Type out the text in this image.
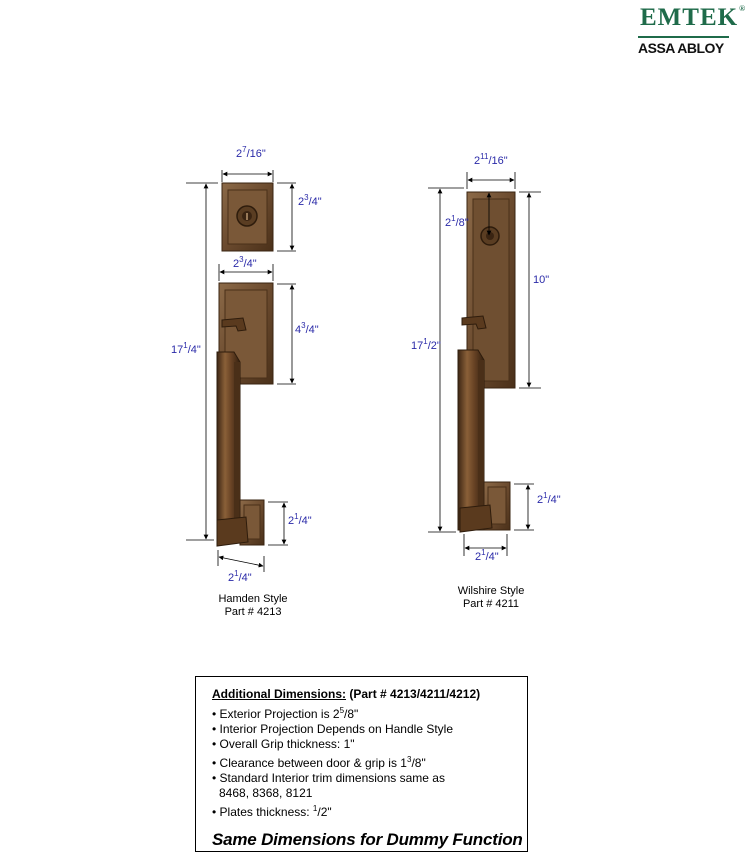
EMTEK®
ASSA ABLOY
$2^7/16$"
$2^3/4$"
$2^3/4$"
$4^3/4$"
$17^1/4$"
$2^1/4$"
$2^1/4$"
$2^{11}/16$"
$2^1/8$"
10"
$17^1/2$"
$2^1/4$"
$2^1/4$"
Hamden Style
Part # 4213
Wilshire Style
Part # 4211
Additional Dimensions: (Part # 4213/4211/4212)
• Exterior Projection is $2^5/8$"
• Interior Projection Depends on Handle Style
• Overall Grip thickness: 1"
• Clearance between door & grip is $1^3/8$"
• Standard Interior trim dimensions same as
8468, 8368, 8121
• Plates thickness: $^1$/2"
Same Dimensions for Dummy Function
